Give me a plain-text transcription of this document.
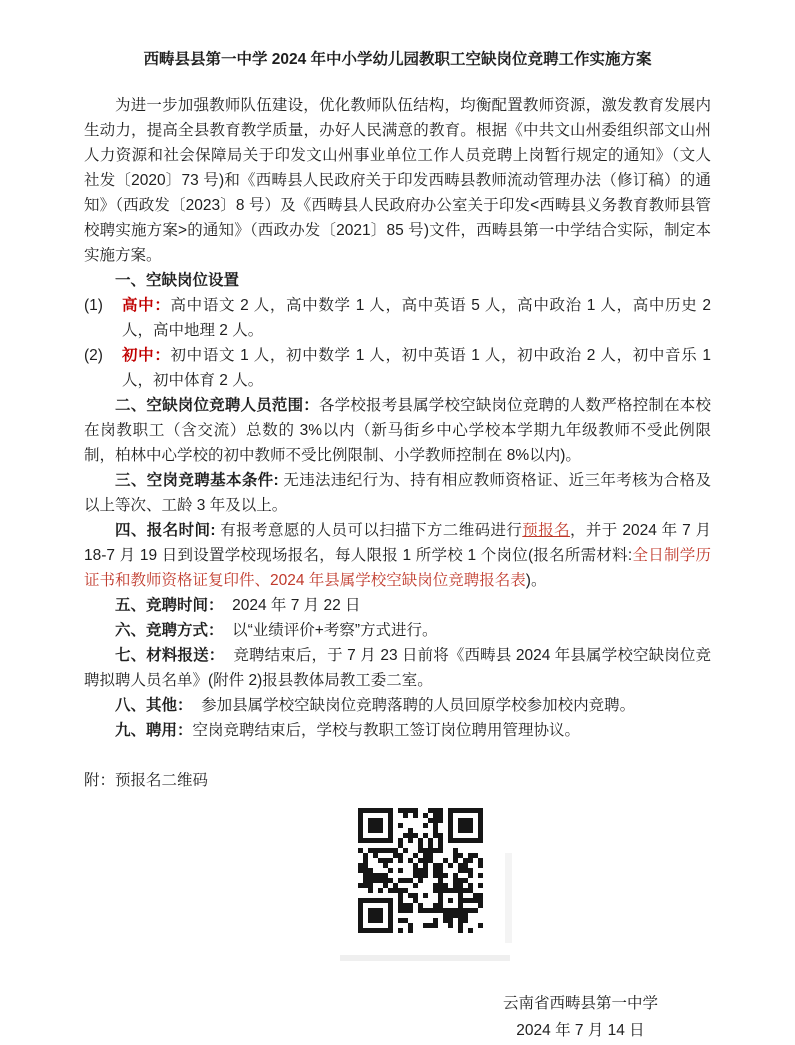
西畴县县第一中学 2024 年中小学幼儿园教职工空缺岗位竞聘工作实施方案
为进一步加强教师队伍建设，优化教师队伍结构，均衡配置教师资源，激发教育发展内生动力，提高全县教育教学质量，办好人民满意的教育。根据《中共文山州委组织部文山州人力资源和社会保障局关于印发文山州事业单位工作人员竞聘上岗暂行规定的通知》（文人社发〔2020〕73 号)和《西畴县人民政府关于印发西畴县教师流动管理办法（修订稿）的通知》（西政发〔2023〕8 号）及《西畴县人民政府办公室关于印发<西畴县义务教育教师县管校聘实施方案>的通知》（西政办发〔2021〕85 号)文件，西畴县第一中学结合实际，制定本实施方案。
一、空缺岗位设置
(1) 高中：高中语文 2 人，高中数学 1 人，高中英语 5 人，高中政治 1 人，高中历史 2 人，高中地理 2 人。
(2) 初中：初中语文 1 人，初中数学 1 人，初中英语 1 人，初中政治 2 人，初中音乐 1 人，初中体育 2 人。
二、空缺岗位竞聘人员范围：各学校报考县属学校空缺岗位竞聘的人数严格控制在本校在岗教职工（含交流）总数的 3%以内（新马街乡中心学校本学期九年级教师不受此例限制，柏林中心学校的初中教师不受比例限制、小学教师控制在 8%以内)。
三、空岗竞聘基本条件: 无违法违纪行为、持有相应教师资格证、近三年考核为合格及以上等次、工龄 3 年及以上。
四、报名时间: 有报考意愿的人员可以扫描下方二维码进行预报名，并于 2024 年 7 月18-7 月 19 日到设置学校现场报名，每人限报 1 所学校 1 个岗位(报名所需材料:全日制学历证书和教师资格证复印件、2024 年县属学校空缺岗位竞聘报名表)。
五、竞聘时间：  2024 年 7 月 22 日
六、竞聘方式：  以“业绩评价+考察”方式进行。
七、材料报送：  竞聘结束后，于 7 月 23 日前将《西畴县 2024 年县属学校空缺岗位竞聘拟聘人员名单》(附件 2)报县教体局教工委二室。
八、其他：  参加县属学校空缺岗位竞聘落聘的人员回原学校参加校内竞聘。
九、聘用：空岗竞聘结束后，学校与教职工签订岗位聘用管理协议。
附：预报名二维码
云南省西畴县第一中学
2024 年 7 月 14 日
